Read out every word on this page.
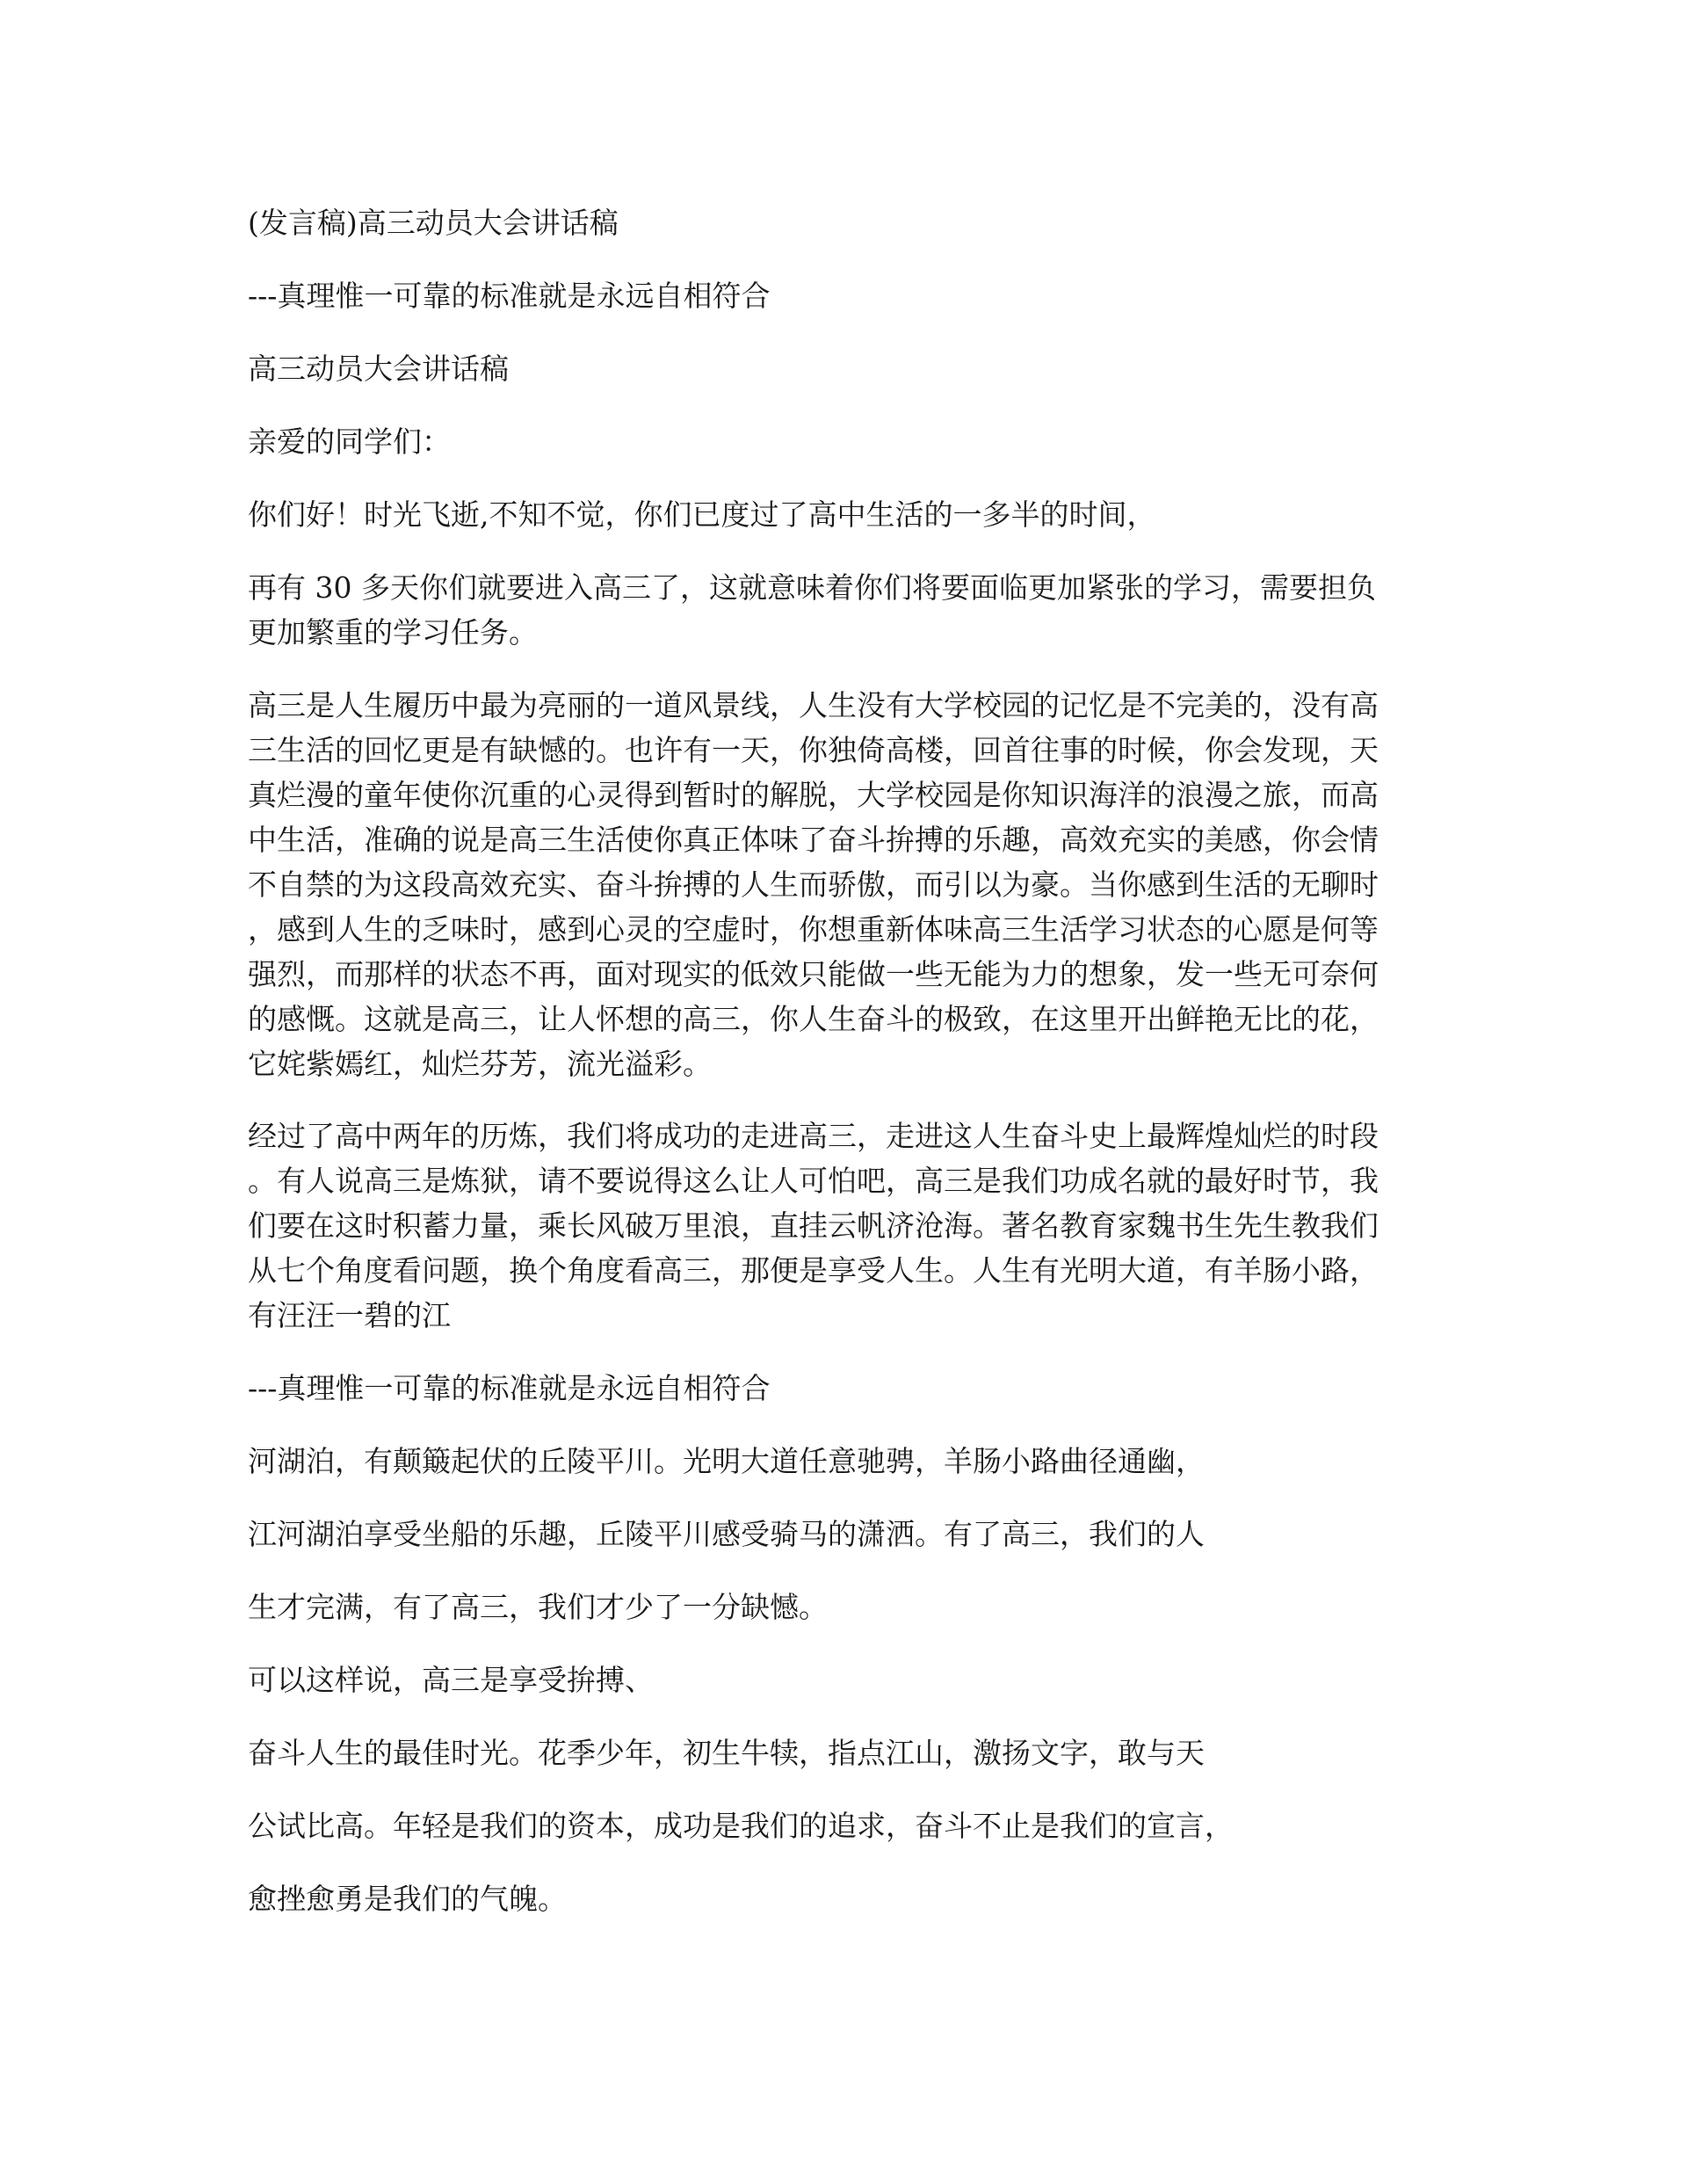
(发言稿)高三动员大会讲话稿

---真理惟一可靠的标准就是永远自相符合

高三动员大会讲话稿

亲爱的同学们：

你们好！时光飞逝,不知不觉，你们已度过了高中生活的一多半的时间，

再有 30 多天你们就要进入高三了，这就意味着你们将要面临更加紧张的学习，需要担负
更加繁重的学习任务。
高三是人生履历中最为亮丽的一道风景线，人生没有大学校园的记忆是不完美的，没有高
三生活的回忆更是有缺憾的。也许有一天，你独倚高楼，回首往事的时候，你会发现，天
真烂漫的童年使你沉重的心灵得到暂时的解脱，大学校园是你知识海洋的浪漫之旅，而高
中生活，准确的说是高三生活使你真正体味了奋斗拚搏的乐趣，高效充实的美感，你会情
不自禁的为这段高效充实、奋斗拚搏的人生而骄傲，而引以为豪。当你感到生活的无聊时
，感到人生的乏味时，感到心灵的空虚时，你想重新体味高三生活学习状态的心愿是何等
强烈，而那样的状态不再，面对现实的低效只能做一些无能为力的想象，发一些无可奈何
的感慨。这就是高三，让人怀想的高三，你人生奋斗的极致，在这里开出鲜艳无比的花，
它姹紫嫣红，灿烂芬芳，流光溢彩。
经过了高中两年的历炼，我们将成功的走进高三，走进这人生奋斗史上最辉煌灿烂的时段
。有人说高三是炼狱，请不要说得这么让人可怕吧，高三是我们功成名就的最好时节，我
们要在这时积蓄力量，乘长风破万里浪，直挂云帆济沧海。著名教育家魏书生先生教我们
从七个角度看问题，换个角度看高三，那便是享受人生。人生有光明大道，有羊肠小路，
有汪汪一碧的江

---真理惟一可靠的标准就是永远自相符合

河湖泊，有颠簸起伏的丘陵平川。光明大道任意驰骋，羊肠小路曲径通幽，

江河湖泊享受坐船的乐趣，丘陵平川感受骑马的潇洒。有了高三，我们的人

生才完满，有了高三，我们才少了一分缺憾。

可以这样说，高三是享受拚搏、

奋斗人生的最佳时光。花季少年，初生牛犊，指点江山，激扬文字，敢与天

公试比高。年轻是我们的资本，成功是我们的追求，奋斗不止是我们的宣言，

愈挫愈勇是我们的气魄。
